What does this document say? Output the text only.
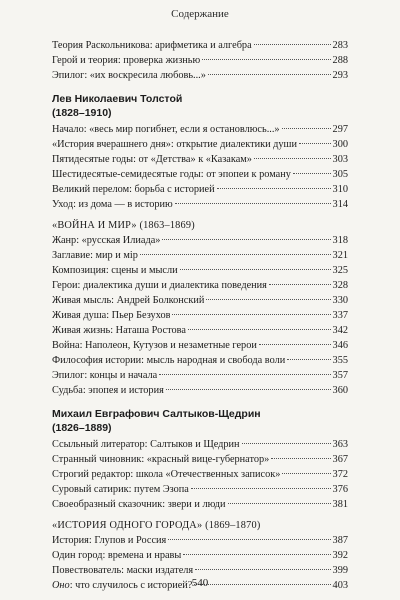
Содержание
Теория Раскольникова: арифметика и алгебра	283
Герой и теория: проверка жизнью	288
Эпилог: «их воскресила любовь...»	293
Лев Николаевич Толстой
(1828–1910)
Начало: «весь мир погибнет, если я остановлюсь...»	297
«История вчерашнего дня»: открытие диалектики души	300
Пятидесятые годы: от «Детства» к «Казакам»	303
Шестидесятые-семидесятые годы: от эпопеи к роману	305
Великий перелом: борьба с историей	310
Уход: из дома — в историю	314
«ВОЙНА И МИР» (1863–1869)
Жанр: «русская Илиада»	318
Заглавие: мир и мір	321
Композиция: сцены и мысли	325
Герои: диалектика души и диалектика поведения	328
Живая мысль: Андрей Болконский	330
Живая душа: Пьер Безухов	337
Живая жизнь: Наташа Ростова	342
Война: Наполеон, Кутузов и незаметные герои	346
Философия истории: мысль народная и свобода воли	355
Эпилог: концы и начала	357
Судьба: эпопея и история	360
Михаил Евграфович Салтыков-Щедрин
(1826–1889)
Ссыльный литератор: Салтыков и Щедрин	363
Странный чиновник: «красный вице-губернатор»	367
Строгий редактор: школа «Отечественных записок»	372
Суровый сатирик: путем Эзопа	376
Своеобразный сказочник: звери и люди	381
«ИСТОРИЯ ОДНОГО ГОРОДА» (1869–1870)
История: Глупов и Россия	387
Один город: времена и нравы	392
Повествователь: маски издателя	399
Оно: что случилось с историей?	403
540
